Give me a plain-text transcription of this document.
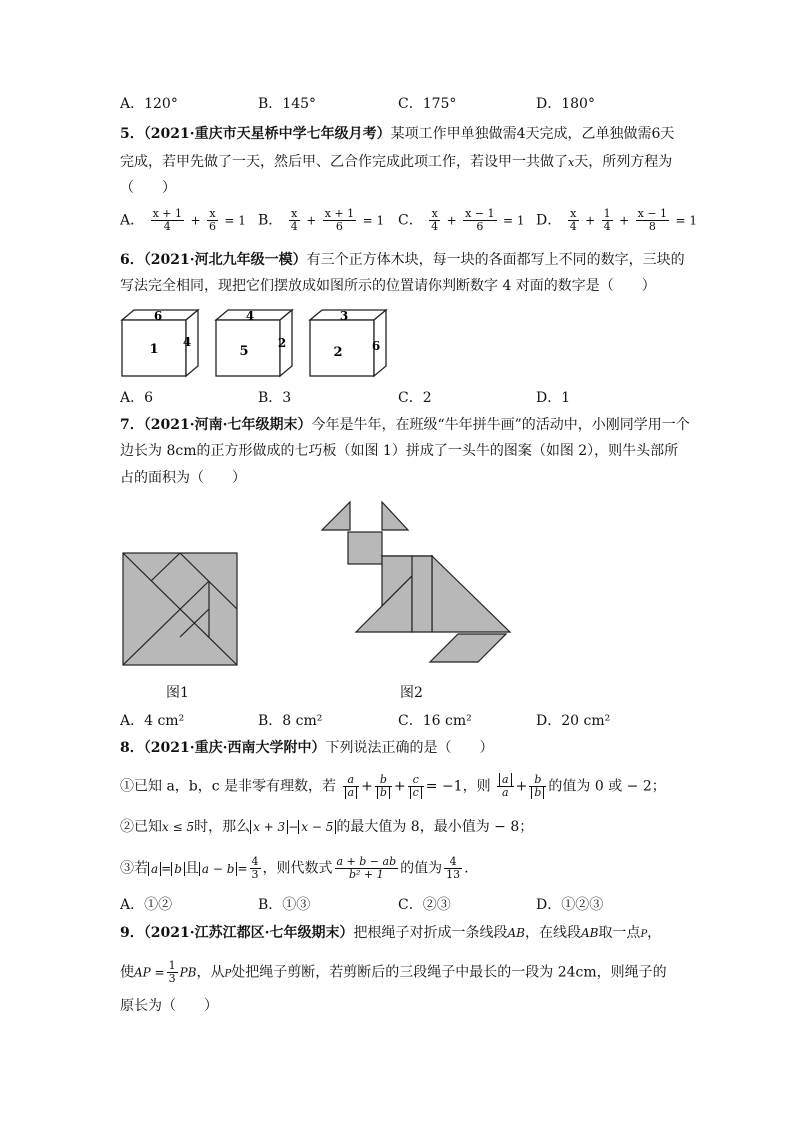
A．120°	B．145°	C．175°	D．180°
5．（2021·重庆市天星桥中学七年级月考）某项工作甲单独做需4天完成，乙单独做需6天
完成，若甲先做了一天，然后甲、乙合作完成此项工作，若设甲一共做了x天，所列方程为
（　　）
A． $\frac{x + 1}{4} + \frac{x}{6} = 1$ B． $\frac{x}{4} + \frac{x + 1}{6} = 1$ C． $\frac{x}{4} + \frac{x - 1}{6} = 1$ D． $\frac{x}{4} + \frac{1}{4} + \frac{x - 1}{8} = 1$
6．（2021·河北九年级一模）有三个正方体木块，每一块的各面都写上不同的数字，三块的
写法完全相同，现把它们摆放成如图所示的位置请你判断数字 4 对面的数字是（　　）
6
1 4
4
5
2
3
2 6
A．6	B．3	C．2	D．1
7．（2021·河南·七年级期末）今年是牛年，在班级“牛年拼牛画”的活动中，小刚同学用一个
边长为 8cm的正方形做成的七巧板（如图 1）拼成了一头牛的图案（如图 2），则牛头部所
占的面积为（　　）
图1	图2
A．4 cm²	B．8 cm²	C．16 cm²	D．20 cm²
8．（2021·重庆·西南大学附中）下列说法正确的是（　　）
①已知 a，b，c 是非零有理数，若 $\frac{a}{a} + \frac{b}{b} + \frac{c}{c} = -1$，则 $\frac{a}{a} + \frac{b}{b}$ 的值为 0 或 − 2；
②已知x ≤ 5时，那么 x + 3 − x − 5 的最大值为 8，最小值为 − 8；
③若 a = b 且 $a - b = \frac{4}{3}$ ，则代数式 $\frac{a + b - ab}{\text{b² + 1}}$ 的值为 $\frac{4}{13}$ .
A．①②	B．①③	C．②③	D．①②③
9．（2021·江苏江都区·七年级期末）把根绳子对折成一条线段AB，在线段AB取一点P，
使AP = $\frac{1}{3}$ PB，从P处把绳子剪断，若剪断后的三段绳子中最长的一段为 24cm，则绳子的
原长为（　　）
